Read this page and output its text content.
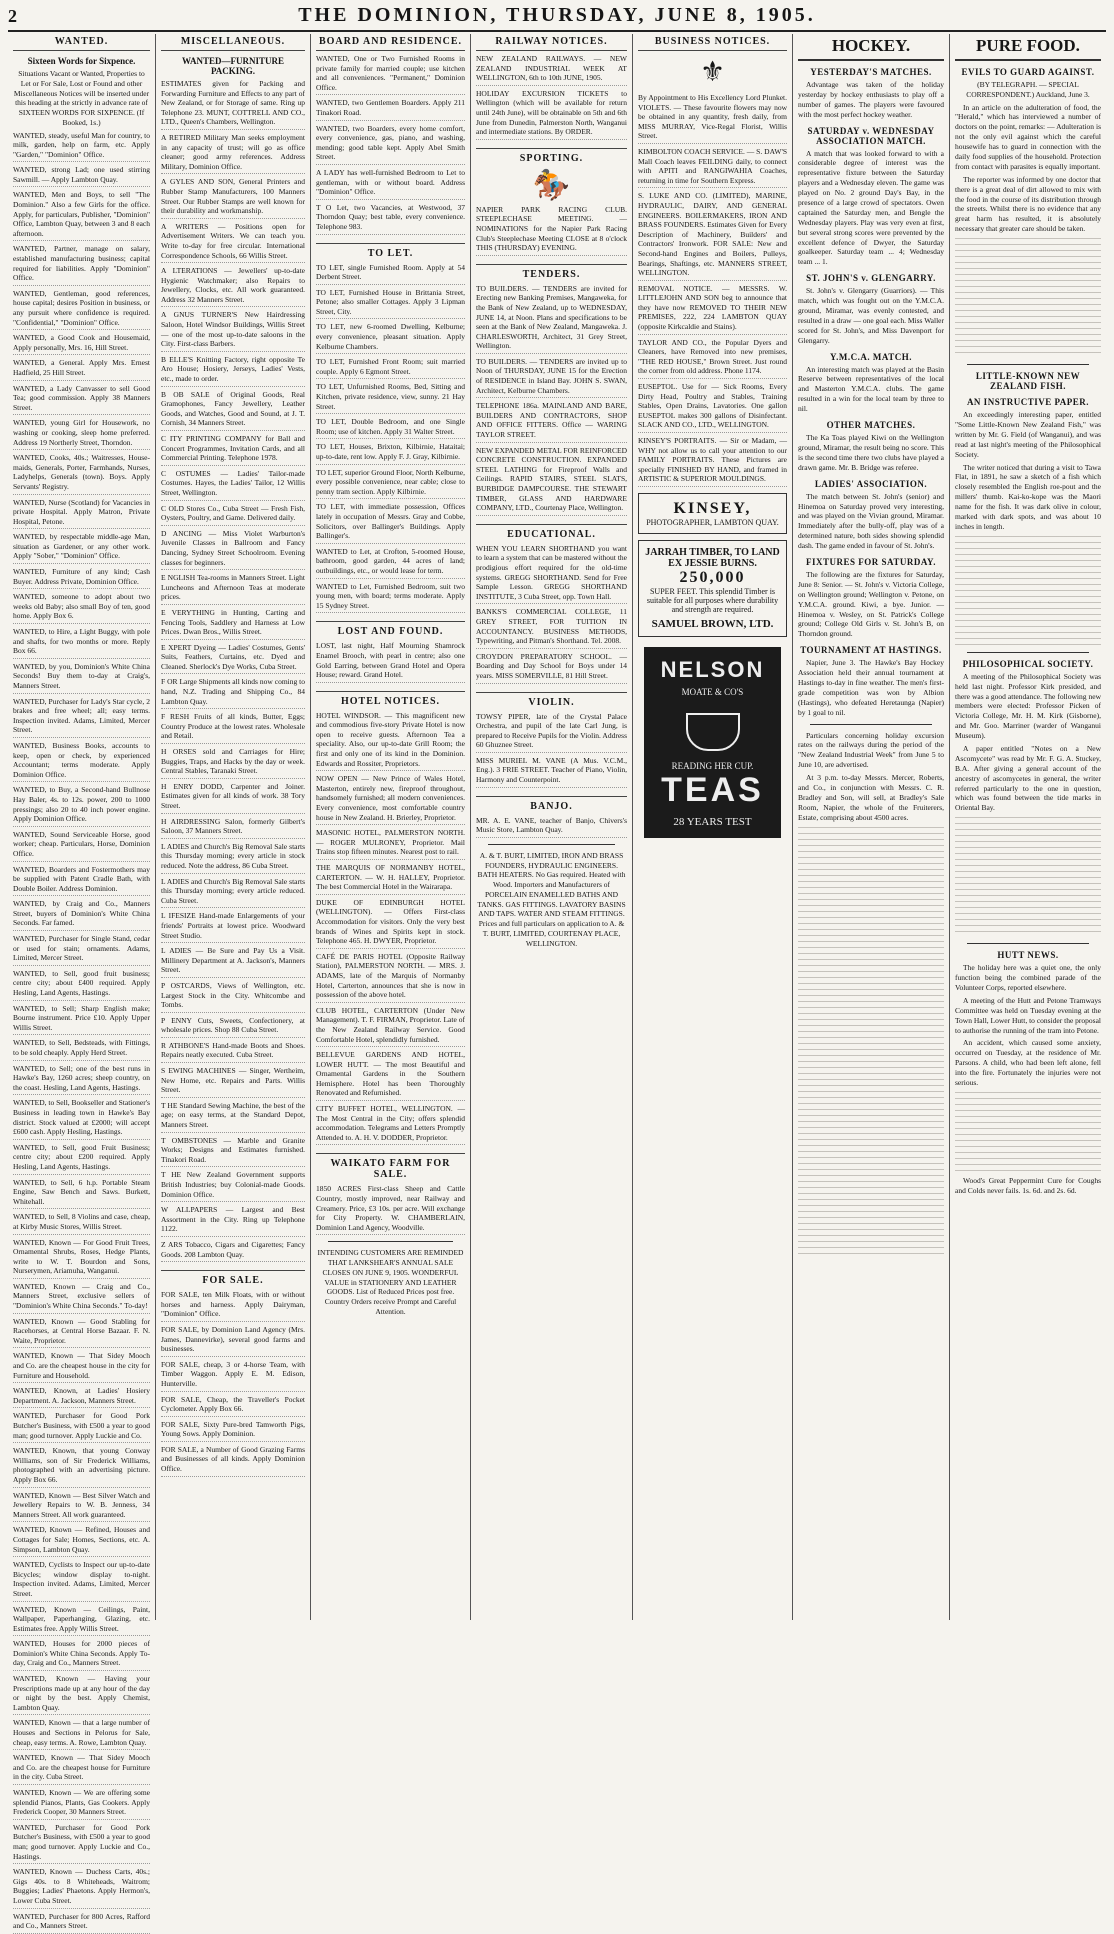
2	THE DOMINION, THURSDAY, JUNE 8, 1905.
WANTED.
Sixteen Words for Sixpence.
Situations Vacant or Wanted, Properties to Let or For Sale, Lost or Found and other Miscellaneous Notices will be inserted under this heading at the strictly in advance rate of SIXTEEN WORDS FOR SIXPENCE. (If Booked, 1s.)

WANTED, steady, useful Man for country, to milk, garden, help on farm, etc. Apply "Garden," "Dominion" Office.

WANTED, strong Lad; one used stirring Sawmill. — Apply Lambton Quay.

WANTED, Men and Boys, to sell "The Dominion." Also a few Girls for the office. Apply, for particulars, Publisher, "Dominion" Office, Lambton Quay, between 3 and 8 each afternoon.

WANTED, Partner, manage on salary, established manufacturing business; capital required for liabilities. Apply "Dominion" Office.

WANTED, Gentleman, good references, house capital; desires Position in business, or any pursuit where confidence is required. "Confidential," "Dominion" Office.

WANTED, a Good Cook and Housemaid, Apply personally, Mrs. 16, Hill Street.

WANTED, a General. Apply Mrs. Ernest Hadfield, 25 Hill Street.

WANTED, a Lady Canvasser to sell Good Tea; good commission. Apply 38 Manners Street.

WANTED, young Girl for Housework, no washing or cooking, sleep home preferred. Address 19 Northerly Street, Thorndon.

WANTED, Cooks, 40s.; Waitresses, House-maids, Generals, Porter, Farmhands, Nurses, Ladyhelps, Generals (town). Boys. Apply Servants' Registry.

WANTED, Nurse (Scotland) for Vacancies in private Hospital. Apply Matron, Private Hospital, Petone.

WANTED, by respectable middle-age Man, situation as Gardener, or any other work. Apply "Sober," "Dominion" Office.

WANTED, Furniture of any kind; Cash Buyer. Address Private, Dominion Office.

WANTED, someone to adopt about two weeks old Baby; also small Boy of ten, good home. Apply Box 6.

WANTED, to Hire, a Light Buggy, with pole and shafts, for two months or more. Reply Box 66.

WANTED, by you, Dominion's White China Seconds! Buy them to-day at Craig's, Manners Street.

WANTED, Purchaser for Lady's Star cycle, 2 brakes and free wheel; all; easy terms. Inspection invited. Adams, Limited, Mercer Street.

WANTED, Business Books, accounts to keep, open or check, by experienced Accountant; terms moderate. Apply Dominion Office.

WANTED, to Buy, a Second-hand Bullnose Hay Baler, 4s. to 12s. power, 200 to 1000 pressings; also 20 to 40 inch power engine. Apply Dominion Office.

WANTED, Sound Serviceable Horse, good worker; cheap. Particulars, Horse, Dominion Office.

WANTED, Boarders and Fostermothers may be supplied with Patent Cradle Bath, with Double Boiler. Address Dominion.

WANTED, by Craig and Co., Manners Street, buyers of Dominion's White China Seconds. Far famed.

WANTED, Purchaser for Single Stand, cedar or used for stain; ornaments. Adams, Limited, Mercer Street.

WANTED, to Sell, good fruit business; centre city; about £400 required. Apply Hesling, Land Agents, Hastings.

WANTED, to Sell; Sharp English make; Bourne instrument. Price £10. Apply Upper Willis Street.

WANTED, to Sell, Bedsteads, with Fittings, to be sold cheaply. Apply Herd Street.

WANTED, to Sell; one of the best runs in Hawke's Bay, 1260 acres; sheep country, on the coast. Hesling, Land Agents, Hastings.

WANTED, to Sell, Bookseller and Stationer's Business in leading town in Hawke's Bay district. Stock valued at £2000; will accept £600 cash. Apply Hesling, Hastings.

WANTED, to Sell, good Fruit Business; centre city; about £200 required. Apply Hesling, Land Agents, Hastings.

WANTED, to Sell, 6 h.p. Portable Steam Engine, Saw Bench and Saws. Burkett, Whitehall.

WANTED, to Sell, 8 Violins and case, cheap, at Kirby Music Stores, Willis Street.

WANTED, Known — For Good Fruit Trees, Ornamental Shrubs, Roses, Hedge Plants, write to W. T. Bourdon and Sons, Nurserymen, Ariamuha, Wanganui.

WANTED, Known — Craig and Co., Manners Street, exclusive sellers of "Dominion's White China Seconds." To-day!

WANTED, Known — Good Stabling for Racehorses, at Central Horse Bazaar. F. N. Waite, Proprietor.

WANTED, Known — That Sidey Mooch and Co. are the cheapest house in the city for Furniture and Household.

WANTED, Known, at Ladies' Hosiery Department. A. Jackson, Manners Street.

WANTED, Purchaser for Good Pork Butcher's Business, with £500 a year to good man; good turnover. Apply Luckie and Co.

WANTED, Known, that young Conway Williams, son of Sir Frederick Williams, photographed with an advertising picture. Apply Box 66.

WANTED, Known — Best Silver Watch and Jewellery Repairs to W. B. Jenness, 34 Manners Street. All work guaranteed.

WANTED, Known — Refined, Houses and Cottages for Sale; Homes, Sections, etc. A. Simpson, Lambton Quay.

WANTED, Cyclists to Inspect our up-to-date Bicycles; window display to-night. Inspection invited. Adams, Limited, Mercer Street.

WANTED, Known — Ceilings, Paint, Wallpaper, Paperhanging, Glazing, etc. Estimates free. Apply Willis Street.

WANTED, Houses for 2000 pieces of Dominion's White China Seconds. Apply To-day, Craig and Co., Manners Street.

WANTED, Known — Having your Prescriptions made up at any hour of the day or night by the best. Apply Chemist, Lambton Quay.

WANTED, Known — that a large number of Houses and Sections in Pelorus for Sale, cheap, easy terms. A. Rowe, Lambton Quay.

WANTED, Known — That Sidey Mooch and Co. are the cheapest house for Furniture in the city. Cuba Street.

WANTED, Known — We are offering some splendid Pianos, Plants, Gas Cookers. Apply Frederick Cooper, 30 Manners Street.

WANTED, Purchaser for Good Pork Butcher's Business, with £500 a year to good man; good turnover. Apply Luckie and Co., Hastings.

WANTED, Known — Duchess Carts, 40s.; Gigs 40s. to 8 Whiteheads, Waitrom; Buggies; Ladies' Phaetons. Apply Hermon's, Lower Cuba Street.

WANTED, Purchaser for 800 Acres, Rafford and Co., Manners Street.

MISCELLANEOUS.
WANTED—FURNITURE PACKING.

ESTIMATES given for Packing and Forwarding Furniture and Effects to any part of New Zealand, or for Storage of same. Ring up Telephone 23. MUNT, COTTRELL AND CO., LTD., Queen's Chambers, Wellington.

A RETIRED Military Man seeks employment in any capacity of trust; will go as office cleaner; good army references. Address Military, Dominion Office.

A GYLES AND SON, General Printers and Rubber Stamp Manufacturers, 100 Manners Street. Our Rubber Stamps are well known for their durability and workmanship.

A WRITERS — Positions open for Advertisement Writers. We can teach you. Write to-day for free circular. International Correspondence Schools, 66 Willis Street.

A LTERATIONS — Jewellers' up-to-date Hygienic Watchmaker; also Repairs to Jewellery, Clocks, etc. All work guaranteed. Address 32 Manners Street.

A GNUS TURNER'S New Hairdressing Saloon, Hotel Windsor Buildings, Willis Street — one of the most up-to-date saloons in the City. First-class Barbers.

B ELLE'S Knitting Factory, right opposite Te Aro House; Hosiery, Jerseys, Ladies' Vests, etc., made to order.

B OB SALE of Original Goods, Real Gramophones, Fancy Jewellery, Leather Goods, and Watches, Good and Sound, at J. T. Cornish, 34 Manners Street.

C ITY PRINTING COMPANY for Ball and Concert Programmes, Invitation Cards, and all Commercial Printing. Telephone 1978.

C OSTUMES — Ladies' Tailor-made Costumes. Hayes, the Ladies' Tailor, 12 Willis Street, Wellington.

C OLD Stores Co., Cuba Street — Fresh Fish, Oysters, Poultry, and Game. Delivered daily.

D ANCING — Miss Violet Warburton's Juvenile Classes in Ballroom and Fancy Dancing, Sydney Street Schoolroom. Evening classes for beginners.

E NGLISH Tea-rooms in Manners Street. Light Luncheons and Afternoon Teas at moderate prices.

E VERYTHING in Hunting, Carting and Fencing Tools, Saddlery and Harness at Low Prices. Dwan Bros., Willis Street.

E XPERT Dyeing — Ladies' Costumes, Gents' Suits, Feathers, Curtains, etc. Dyed and Cleaned. Sherlock's Dye Works, Cuba Street.

F OR Large Shipments all kinds now coming to hand, N.Z. Trading and Shipping Co., 84 Lambton Quay.

F RESH Fruits of all kinds, Butter, Eggs; Country Produce at the lowest rates. Wholesale and Retail.

H ORSES sold and Carriages for Hire; Buggies, Traps, and Hacks by the day or week. Central Stables, Taranaki Street.

H ENRY DODD, Carpenter and Joiner. Estimates given for all kinds of work. 38 Tory Street.

H AIRDRESSING Salon, formerly Gilbert's Saloon, 37 Manners Street.

L ADIES and Church's Big Removal Sale starts this Thursday morning; every article in stock reduced. Note the address, 86 Cuba Street.

L ADIES and Church's Big Removal Sale starts this Thursday morning; every article reduced. Cuba Street.

L IFESIZE Hand-made Enlargements of your friends' Portraits at lowest price. Woodward Street Studio.

L ADIES — Be Sure and Pay Us a Visit. Millinery Department at A. Jackson's, Manners Street.

P OSTCARDS, Views of Wellington, etc. Largest Stock in the City. Whitcombe and Tombs.

P ENNY Cuts, Sweets, Confectionery, at wholesale prices. Shop 88 Cuba Street.

R ATHBONE'S Hand-made Boots and Shoes. Repairs neatly executed. Cuba Street.

S EWING MACHINES — Singer, Wertheim, New Home, etc. Repairs and Parts. Willis Street.

T HE Standard Sewing Machine, the best of the age; on easy terms, at the Standard Depot, Manners Street.

T OMBSTONES — Marble and Granite Works; Designs and Estimates furnished. Tinakori Road.

T HE New Zealand Government supports British Industries; buy Colonial-made Goods. Dominion Office.

W ALLPAPERS — Largest and Best Assortment in the City. Ring up Telephone 1122.

Z ARS Tobacco, Cigars and Cigarettes; Fancy Goods. 208 Lambton Quay.

FOR SALE.

FOR SALE, ten Milk Floats, with or without horses and harness. Apply Dairyman, "Dominion" Office.

FOR SALE, by Dominion Land Agency (Mrs. James, Dannevirke), several good farms and businesses.

FOR SALE, cheap, 3 or 4-horse Team, with Timber Waggon. Apply E. M. Edison, Hunterville.

FOR SALE, Cheap, the Traveller's Pocket Cyclometer. Apply Box 66.

FOR SALE, Sixty Pure-bred Tamworth Pigs, Young Sows. Apply Dominion.

FOR SALE, a Number of Good Grazing Farms and Businesses of all kinds. Apply Dominion Office.

BOARD AND RESIDENCE.

WANTED, One or Two Furnished Rooms in private family for married couple; use kitchen and all conveniences. "Permanent," Dominion Office.

WANTED, two Gentlemen Boarders. Apply 211 Tinakori Road.

WANTED, two Boarders, every home comfort, every convenience, gas, piano, and washing, mending; good table kept. Apply Abel Smith Street.

A LADY has well-furnished Bedroom to Let to gentleman, with or without board. Address "Dominion" Office.

T O Let, two Vacancies, at Westwood, 37 Thorndon Quay; best table, every convenience. Telephone 983.

TO LET.

TO LET, single Furnished Room. Apply at 54 Derbent Street.

TO LET, Furnished House in Brittania Street, Petone; also smaller Cottages. Apply 3 Lipman Street, City.

TO LET, new 6-roomed Dwelling, Kelburne; every convenience, pleasant situation. Apply Kelburne Chambers.

TO LET, Furnished Front Room; suit married couple. Apply 6 Egmont Street.

TO LET, Unfurnished Rooms, Bed, Sitting and Kitchen, private residence, view, sunny. 21 Hay Street.

TO LET, Double Bedroom, and one Single Room; use of kitchen. Apply 31 Walter Street.

TO LET, Houses, Brixton, Kilbirnie, Hataitai; up-to-date, rent low. Apply F. J. Gray, Kilbirnie.

TO LET, superior Ground Floor, North Kelburne, every possible convenience, near cable; close to penny tram section. Apply Kilbirnie.

TO LET, with immediate possession, Offices lately in occupation of Messrs. Gray and Cobbe, Solicitors, over Ballinger's Buildings. Apply Ballinger's.

WANTED to Let, at Crofton, 5-roomed House, bathroom, good garden, 44 acres of land; outbuildings, etc., or would lease for term.

WANTED to Let, Furnished Bedroom, suit two young men, with board; terms moderate. Apply 15 Sydney Street.

LOST AND FOUND.

LOST, last night, Half Mourning Shamrock Enamel Brooch, with pearl in centre; also one Gold Earring, between Grand Hotel and Opera House; reward. Grand Hotel.

HOTEL NOTICES.

HOTEL WINDSOR. — This magnificent new and commodious five-story Private Hotel is now open to receive guests. Afternoon Tea a speciality. Also, our up-to-date Grill Room; the first and only one of its kind in the Dominion. Edwards and Rossiter, Proprietors.

NOW OPEN — New Prince of Wales Hotel, Masterton, entirely new, fireproof throughout, handsomely furnished; all modern conveniences. Every convenience, most comfortable country house in New Zealand. H. Brierley, Proprietor.

MASONIC HOTEL, PALMERSTON NORTH. — ROGER MULRONEY, Proprietor. Mail Trains stop fifteen minutes. Nearest post to rail.

THE MARQUIS OF NORMANBY HOTEL, CARTERTON. — W. H. HALLEY, Proprietor. The best Commercial Hotel in the Wairarapa.

DUKE OF EDINBURGH HOTEL (WELLINGTON). — Offers First-class Accommodation for visitors. Only the very best brands of Wines and Spirits kept in stock. Telephone 465. H. DWYER, Proprietor.

CAFÉ DE PARIS HOTEL (Opposite Railway Station), PALMERSTON NORTH. — MRS. J. ADAMS, late of the Marquis of Normanby Hotel, Carterton, announces that she is now in possession of the above hotel.

CLUB HOTEL, CARTERTON (Under New Management). T. F. FIRMAN, Proprietor. Late of the New Zealand Railway Service. Good Comfortable Hotel, splendidly furnished.

BELLEVUE GARDENS AND HOTEL, LOWER HUTT. — The most Beautiful and Ornamental Gardens in the Southern Hemisphere. Hotel has been Thoroughly Renovated and Refurnished.

CITY BUFFET HOTEL, WELLINGTON. — The Most Central in the City; offers splendid accommodation. Telegrams and Letters Promptly Attended to. A. H. V. DODDER, Proprietor.

WAIKATO FARM FOR SALE.

1850 ACRES First-class Sheep and Cattle Country, mostly improved, near Railway and Creamery. Price, £3 10s. per acre. Will exchange for City Property. W. CHAMBERLAIN, Dominion Land Agency, Woodville.

INTENDING CUSTOMERS ARE REMINDED THAT LANKSHEAR'S ANNUAL SALE CLOSES ON JUNE 9, 1905. WONDERFUL VALUE in STATIONERY AND LEATHER GOODS. List of Reduced Prices post free. Country Orders receive Prompt and Careful Attention.
RAILWAY NOTICES.

NEW ZEALAND RAILWAYS. — NEW ZEALAND INDUSTRIAL WEEK AT WELLINGTON, 6th to 10th JUNE, 1905.

HOLIDAY EXCURSION TICKETS to Wellington (which will be available for return until 24th June), will be obtainable on 5th and 6th June from Dunedin, Palmerston North, Wanganui and intermediate stations. By ORDER.

SPORTING.
🏇

NAPIER PARK RACING CLUB. STEEPLECHASE MEETING. — NOMINATIONS for the Napier Park Racing Club's Steeplechase Meeting CLOSE at 8 o'clock THIS (THURSDAY) EVENING.

TENDERS.

TO BUILDERS. — TENDERS are invited for Erecting new Banking Premises, Mangaweka, for the Bank of New Zealand, up to WEDNESDAY, JUNE 14, at Noon. Plans and specifications to be seen at the Bank of New Zealand, Mangaweka. J. CHARLESWORTH, Architect, 31 Grey Street, Wellington.

TO BUILDERS. — TENDERS are invited up to Noon of THURSDAY, JUNE 15 for the Erection of RESIDENCE in Island Bay. JOHN S. SWAN, Architect, Kelburne Chambers.

TELEPHONE 186a. MAINLAND AND BARE, BUILDERS AND CONTRACTORS, SHOP AND OFFICE FITTERS. Office — WARING TAYLOR STREET.

NEW EXPANDED METAL FOR REINFORCED CONCRETE CONSTRUCTION. EXPANDED STEEL LATHING for Fireproof Walls and Ceilings. RAPID STAIRS, STEEL SLATS, BURBIDGE DAMPCOURSE. THE STEWART TIMBER, GLASS AND HARDWARE COMPANY, LTD., Courtenay Place, Wellington.

EDUCATIONAL.

WHEN YOU LEARN SHORTHAND you want to learn a system that can be mastered without the prodigious effort required for the old-time systems. GREGG SHORTHAND. Send for Free Sample Lesson. GREGG SHORTHAND INSTITUTE, 3 Cuba Street, opp. Town Hall.

BANKS'S COMMERCIAL COLLEGE, 11 GREY STREET, FOR TUITION IN ACCOUNTANCY. BUSINESS METHODS, Typewriting, and Pitman's Shorthand. Tel. 2008.

CROYDON PREPARATORY SCHOOL. — Boarding and Day School for Boys under 14 years. MISS SOMERVILLE, 81 Hill Street.

VIOLIN.

TOWSY PIPER, late of the Crystal Palace Orchestra, and pupil of the late Carl Jung, is prepared to Receive Pupils for the Violin. Address 60 Ghuznee Street.

MISS MURIEL M. VANE (A Mus. V.C.M., Eng.). 3 FRIE STREET. Teacher of Piano, Violin, Harmony and Counterpoint.

BANJO.

MR. A. E. VANE, teacher of Banjo, Chivers's Music Store, Lambton Quay.

A. & T. BURT, LIMITED, IRON AND BRASS FOUNDERS, HYDRAULIC ENGINEERS. BATH HEATERS. No Gas required. Heated with Wood. Importers and Manufacturers of PORCELAIN ENAMELLED BATHS AND TANKS. GAS FITTINGS. LAVATORY BASINS AND TAPS. WATER AND STEAM FITTINGS. Prices and full particulars on application to A. & T. BURT, LIMITED, COURTENAY PLACE, WELLINGTON.
BUSINESS NOTICES.
⚜

By Appointment to His Excellency Lord Plunket. VIOLETS. — These favourite flowers may now be obtained in any quantity, fresh daily, from MISS MURRAY, Vice-Regal Florist, Willis Street.

KIMBOLTON COACH SERVICE. — S. DAW'S Mall Coach leaves FEILDING daily, to connect with APITI and RANGIWAHIA Coaches, returning in time for Southern Express.

S. LUKE AND CO. (LIMITED), MARINE, HYDRAULIC, DAIRY, AND GENERAL ENGINEERS. BOILERMAKERS, IRON AND BRASS FOUNDERS. Estimates Given for Every Description of Machinery, Builders' and Contractors' Ironwork. FOR SALE: New and Second-hand Engines and Boilers, Pulleys, Bearings, Shaftings, etc. MANNERS STREET, WELLINGTON.

REMOVAL NOTICE. — MESSRS. W. LITTLEJOHN AND SON beg to announce that they have now REMOVED TO THEIR NEW PREMISES, 222, 224 LAMBTON QUAY (opposite Kirkcaldie and Stains).

TAYLOR AND CO., the Popular Dyers and Cleaners, have Removed into new premises, "THE RED HOUSE," Brown Street. Just round the corner from old address. Phone 1174.

EUSEPTOL. Use for — Sick Rooms, Every Dirty Head, Poultry and Stables, Training Stables, Open Drains, Lavatories. One gallon EUSEPTOL makes 300 gallons of Disinfectant. SLACK AND CO., LTD., WELLINGTON.

KINSEY'S PORTRAITS. — Sir or Madam, — WHY not allow us to call your attention to our FAMILY PORTRAITS. These Pictures are specially FINISHED BY HAND, and framed in ARTISTIC & SUPERIOR MOULDINGS.

KINSEY,
PHOTOGRAPHER, LAMBTON QUAY.
JARRAH TIMBER, TO LAND EX JESSIE BURNS.
250,000
SUPER FEET. This splendid Timber is suitable for all purposes where durability and strength are required.
SAMUEL BROWN, LTD.
NELSON
MOATE & CO'S
READING HER CUP.
TEAS
28 YEARS TEST
HOCKEY.
YESTERDAY'S MATCHES.

Advantage was taken of the holiday yesterday by hockey enthusiasts to play off a number of games. The players were favoured with the most perfect hockey weather.

SATURDAY v. WEDNESDAY ASSOCIATION MATCH.

A match that was looked forward to with a considerable degree of interest was the representative fixture between the Saturday players and a Wednesday eleven. The game was played on No. 2 ground Day's Bay, in the presence of a large crowd of spectators. Owen captained the Saturday men, and Bengle the Wednesday players. Play was very even at first, but several strong scores were prevented by the excellent defence of Dwyer, the Saturday goalkeeper. Saturday team ... 4; Wednesday team ... 1.

ST. JOHN'S v. GLENGARRY.

St. John's v. Glengarry (Guarriors). — This match, which was fought out on the Y.M.C.A. ground, Miramar, was evenly contested, and resulted in a draw — one goal each. Miss Waller scored for St. John's, and Miss Davenport for Glengarry.

Y.M.C.A. MATCH.

An interesting match was played at the Basin Reserve between representatives of the local and Masterton Y.M.C.A. clubs. The game resulted in a win for the local team by three to nil.

OTHER MATCHES.

The Ka Toas played Kiwi on the Wellington ground, Miramar, the result being no score. This is the second time there two clubs have played a drawn game. Mr. B. Bridge was referee.

LADIES' ASSOCIATION.

The match between St. John's (senior) and Hinemoa on Saturday proved very interesting, and was played on the Vivian ground, Miramar. Immediately after the bully-off, play was of a determined nature, both sides showing splendid dash. The game ended in favour of St. John's.

FIXTURES FOR SATURDAY.

The following are the fixtures for Saturday, June 8: Senior. — St. John's v. Victoria College, on Wellington ground; Wellington v. Petone, on Y.M.C.A. ground. Kiwi, a bye. Junior. — Hinemoa v. Wesley, on St. Patrick's College ground; College Old Girls v. St. John's B, on Thorndon ground.

TOURNAMENT AT HASTINGS.

Napier, June 3. The Hawke's Bay Hockey Association held their annual tournament at Hastings to-day in fine weather. The men's first-grade competition was won by Albion (Hastings), who defeated Heretaunga (Napier) by 1 goal to nil.

Particulars concerning holiday excursion rates on the railways during the period of the "New Zealand Industrial Week" from June 5 to June 10, are advertised.

At 3 p.m. to-day Messrs. Mercer, Roberts, and Co., in conjunction with Messrs. C. R. Bradley and Son, will sell, at Bradley's Sale Room, Napier, the whole of the Fruiterers, Estate, comprising about 4500 acres.

PURE FOOD.
EVILS TO GUARD AGAINST.
(BY TELEGRAPH. — SPECIAL CORRESPONDENT.) Auckland, June 3.

In an article on the adulteration of food, the "Herald," which has interviewed a number of doctors on the point, remarks: — Adulteration is not the only evil against which the careful housewife has to guard in connection with the daily food supplies of the household. Protection from contact with parasites is equally important.

The reporter was informed by one doctor that there is a great deal of dirt allowed to mix with the food in the course of its distribution through the streets. Whilst there is no evidence that any great harm has resulted, it is absolutely necessary that greater care should be taken.

LITTLE-KNOWN NEW ZEALAND FISH.
AN INSTRUCTIVE PAPER.

An exceedingly interesting paper, entitled "Some Little-Known New Zealand Fish," was written by Mr. G. Field (of Wanganui), and was read at last night's meeting of the Philosophical Society.

The writer noticed that during a visit to Tawa Flat, in 1891, he saw a sketch of a fish which closely resembled the English roe-pout and the millers' thumb. Kai-ko-kope was the Maori name for the fish. It was dark olive in colour, marked with dark spots, and was about 10 inches in length.

PHILOSOPHICAL SOCIETY.

A meeting of the Philosophical Society was held last night. Professor Kirk presided, and there was a good attendance. The following new members were elected: Professor Picken of Victoria College, Mr. H. M. Kirk (Gisborne), and Mr. Goo. Marriner (warder of Wanganui Museum).

A paper entitled "Notes on a New Ascomycete" was read by Mr. F. G. A. Stuckey, B.A. After giving a general account of the ancestry of ascomycetes in general, the writer referred particularly to the one in question, which was found between the tide marks in Oriental Bay.

HUTT NEWS.

The holiday here was a quiet one, the only function being the combined parade of the Volunteer Corps, reported elsewhere.

A meeting of the Hutt and Petone Tramways Committee was held on Tuesday evening at the Town Hall, Lower Hutt, to consider the proposal to authorise the running of the tram into Petone.

An accident, which caused some anxiety, occurred on Tuesday, at the residence of Mr. Parsons. A child, who had been left alone, fell into the fire. Fortunately the injuries were not serious.

Wood's Great Peppermint Cure for Coughs and Colds never fails. 1s. 6d. and 2s. 6d.
